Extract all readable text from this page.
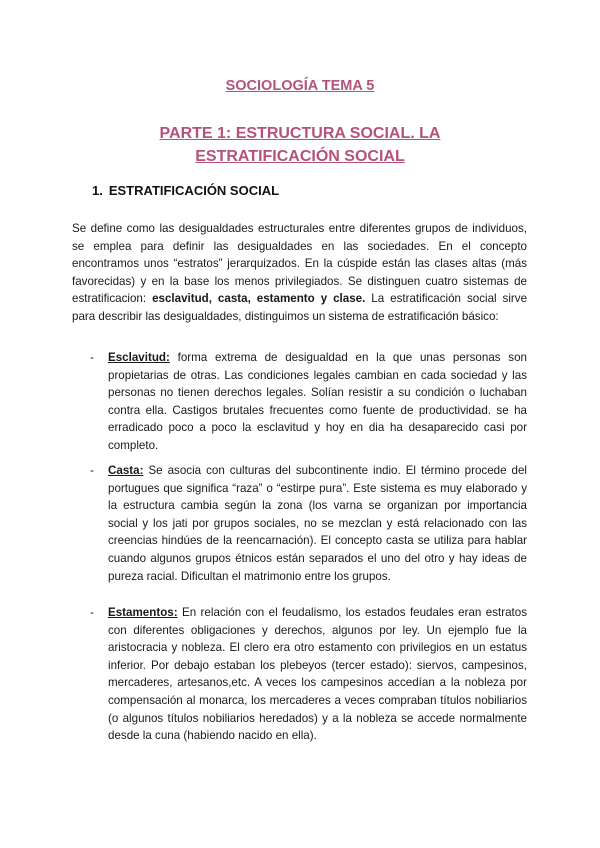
SOCIOLOGÍA TEMA 5
PARTE 1: ESTRUCTURA SOCIAL. LA ESTRATIFICACIÓN SOCIAL
1. ESTRATIFICACIÓN SOCIAL

Se define como las desigualdades estructurales entre diferentes grupos de individuos, se emplea para definir las desigualdades en las sociedades. En el concepto encontramos unos “estratos” jerarquizados. En la cúspide están las clases altas (más favorecidas) y en la base los menos privilegiados. Se distinguen cuatro sistemas de estratificacion: esclavitud, casta, estamento y clase. La estratificación social sirve para describir las desigualdades, distinguimos un sistema de estratificación básico:

- Esclavitud: forma extrema de desigualdad en la que unas personas son propietarias de otras. Las condiciones legales cambian en cada sociedad y las personas no tienen derechos legales. Solían resistir a su condición o luchaban contra ella. Castigos brutales frecuentes como fuente de productividad. se ha erradicado poco a poco la esclavitud y hoy en dia ha desaparecido casi por completo.
- Casta: Se asocia con culturas del subcontinente indio. El término procede del portugues que significa “raza” o “estirpe pura”. Este sistema es muy elaborado y la estructura cambia según la zona (los varna se organizan por importancia social y los jati por grupos sociales, no se mezclan y está relacionado con las creencias hindúes de la reencarnación). El concepto casta se utiliza para hablar cuando algunos grupos étnicos están separados el uno del otro y hay ideas de pureza racial. Dificultan el matrimonio entre los grupos.
- Estamentos: En relación con el feudalismo, los estados feudales eran estratos con diferentes obligaciones y derechos, algunos por ley. Un ejemplo fue la aristocracia y nobleza. El clero era otro estamento con privilegios en un estatus inferior. Por debajo estaban los plebeyos (tercer estado): siervos, campesinos, mercaderes, artesanos,etc. A veces los campesinos accedían a la nobleza por compensación al monarca, los mercaderes a veces compraban títulos nobiliarios (o algunos títulos nobiliarios heredados) y a la nobleza se accede normalmente desde la cuna (habiendo nacido en ella).
